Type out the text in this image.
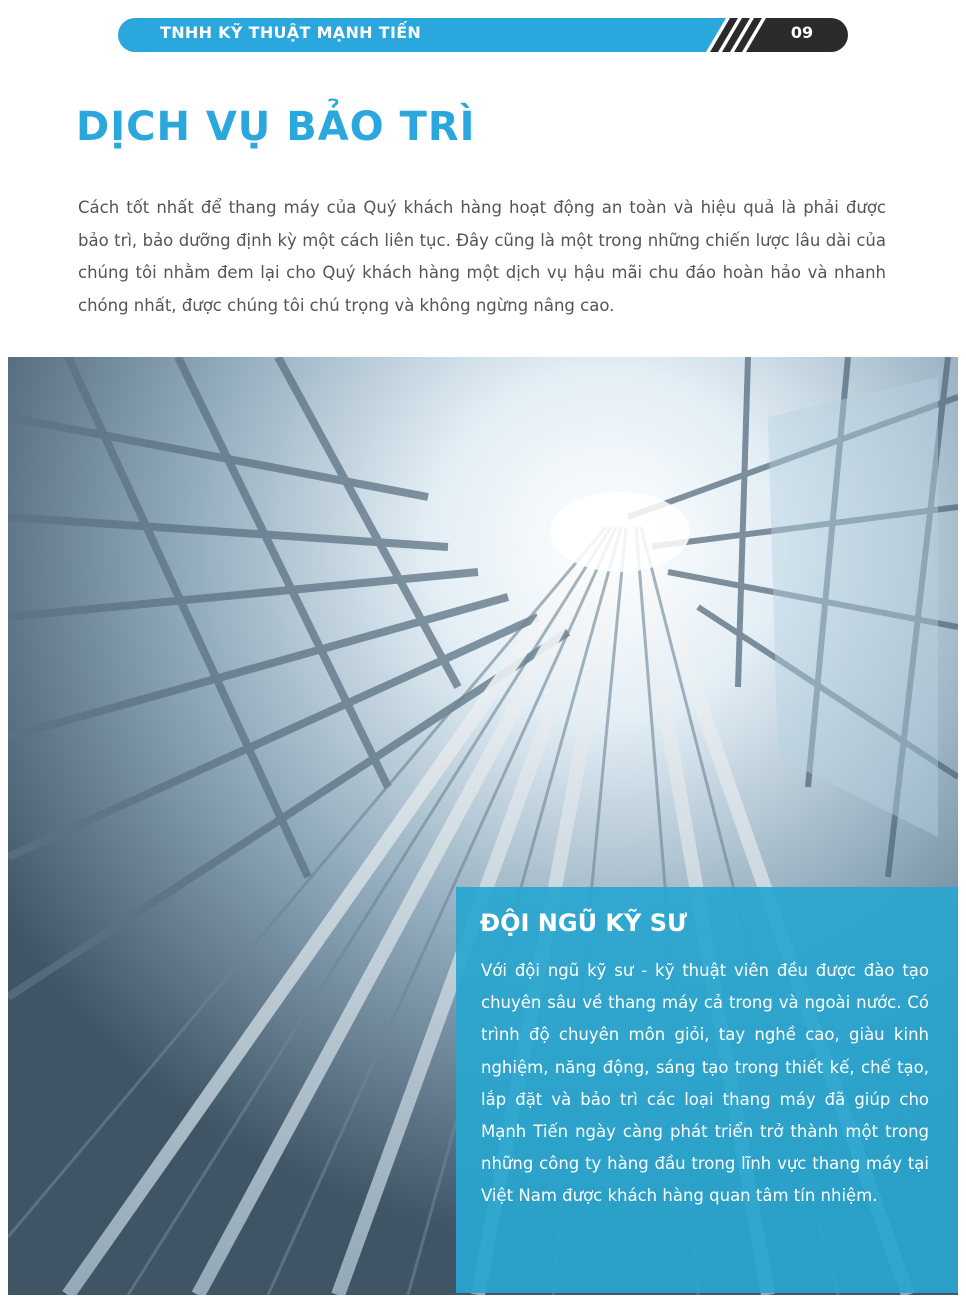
TNHH KỸ THUẬT MẠNH TIẾN	09
DỊCH VỤ BẢO TRÌ

Cách tốt nhất để thang máy của Quý khách hàng hoạt động an toàn và hiệu quả là phải được bảo trì, bảo dưỡng định kỳ một cách liên tục. Đây cũng là một trong những chiến lược lâu dài của chúng tôi nhằm đem lại cho Quý khách hàng một dịch vụ hậu mãi chu đáo hoàn hảo và nhanh chóng nhất, được chúng tôi chú trọng và không ngừng nâng cao.

ĐỘI NGŨ KỸ SƯ

Với đội ngũ kỹ sư - kỹ thuật viên đều được đào tạo chuyên sâu về thang máy cả trong và ngoài nước. Có trình độ chuyên môn giỏi, tay nghề cao, giàu kinh nghiệm, năng động, sáng tạo trong thiết kế, chế tạo, lắp đặt và bảo trì các loại thang máy đã giúp cho Mạnh Tiến ngày càng phát triển trở thành một trong những công ty hàng đầu trong lĩnh vực thang máy tại Việt Nam được khách hàng quan tâm tín nhiệm.
